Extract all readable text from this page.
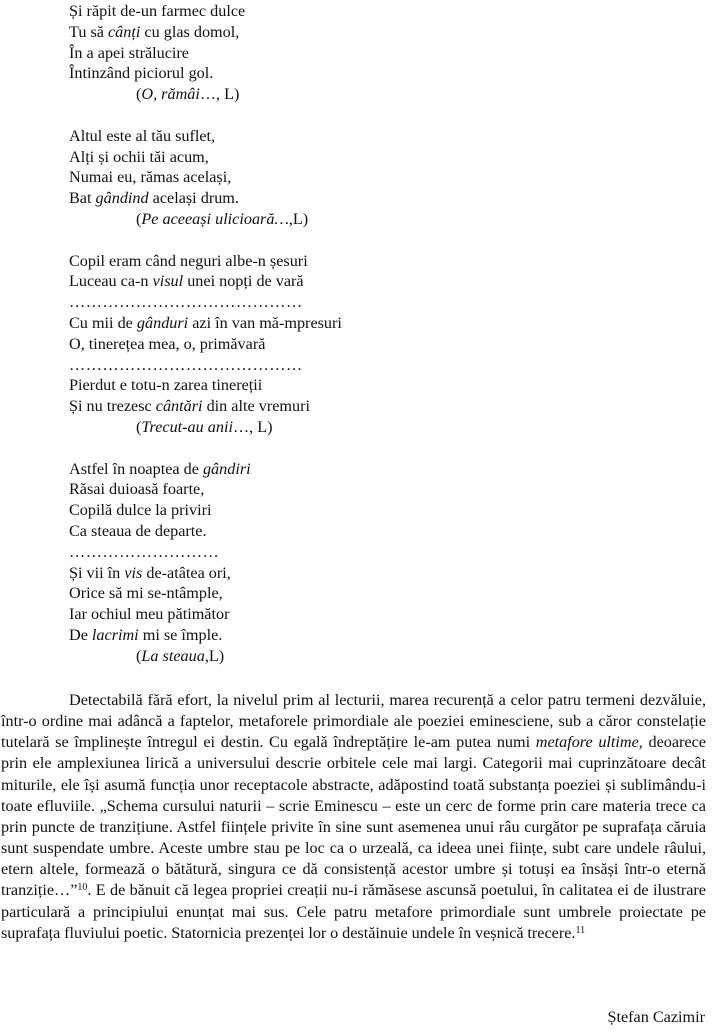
Și răpit de-un farmec dulce
Tu să cânți cu glas domol,
În a apei strălucire
Întinzând piciorul gol.
(O, rămâi…, L)
Altul este al tău suflet,
Alți și ochii tăi acum,
Numai eu, rămas același,
Bat gândind același drum.
(Pe aceeași ulicioară…,L)
Copil eram când neguri albe-n șesuri
Luceau ca-n visul unei nopți de vară
……………………………………
Cu mii de gânduri azi în van mă-mpresuri
O, tinerețea mea, o, primăvară
……………………………………
Pierdut e totu-n zarea tinereții
Și nu trezesc cântări din alte vremuri
(Trecut-au anii…, L)
Astfel în noaptea de gândiri
Răsai duioasă foarte,
Copilă dulce la priviri
Ca steaua de departe.
………………………
Și vii în vis de-atâtea ori,
Orice să mi se-ntâmple,
Iar ochiul meu pătimător
De lacrimi mi se împle.
(La steaua,L)

Detectabilă fără efort, la nivelul prim al lecturii, marea recurență a celor patru termeni dezvăluie, într-o ordine mai adâncă a faptelor, metaforele primordiale ale poeziei eminesciene, sub a căror constelație tutelară se împlinește întregul ei destin. Cu egală îndreptățire le-am putea numi metafore ultime, deoarece prin ele amplexiunea lirică a universului descrie orbitele cele mai largi. Categorii mai cuprinzătoare decât miturile, ele își asumă funcția unor receptacole abstracte, adăpostind toată substanța poeziei și sublimându-i toate efluviile. „Schema cursului naturii – scrie Eminescu – este un cerc de forme prin care materia trece ca prin puncte de tranzițiune. Astfel ființele privite în sine sunt asemenea unui râu curgător pe suprafața căruia sunt suspendate umbre. Aceste umbre stau pe loc ca o urzeală, ca ideea unei ființe, subt care undele râului, etern altele, formează o bătătură, singura ce dă consistență acestor umbre și totuși ea însăși într-o eternă tranziție…”$^{10}$. E de bănuit că legea propriei creații nu-i rămăsese ascunsă poetului, în calitatea ei de ilustrare particulară a principiului enunțat mai sus. Cele patru metafore primordiale sunt umbrele proiectate pe suprafața fluviului poetic. Statornicia prezenței lor o destăinuie undele în veșnică trecere.$^{11}$

Ștefan Cazimir
